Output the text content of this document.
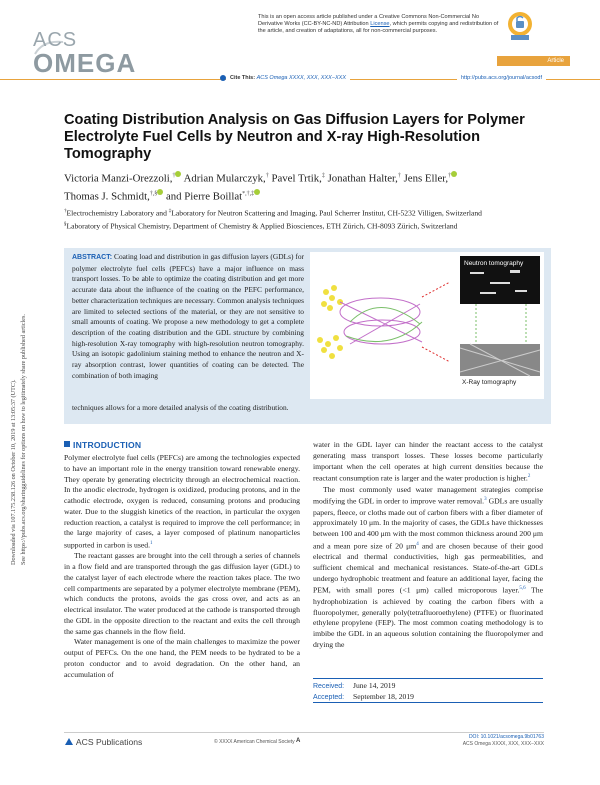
ACS
OMEGA
This is an open access article published under a Creative Commons Non-Commercial No Derivative Works (CC-BY-NC-ND) Attribution License, which permits copying and redistribution of the article, and creation of adaptations, all for non-commercial purposes.
Article
Cite This: ACS Omega XXXX, XXX, XXX−XXX	http://pubs.acs.org/journal/acsodf
Coating Distribution Analysis on Gas Diffusion Layers for Polymer Electrolyte Fuel Cells by Neutron and X-ray High-Resolution Tomography
Victoria Manzi-Orezzoli,† Adrian Mularczyk,† Pavel Trtik,‡ Jonathan Halter,† Jens Eller,†
Thomas J. Schmidt,†,§ and Pierre Boillat*,†,‡
†Electrochemistry Laboratory and ‡Laboratory for Neutron Scattering and Imaging, Paul Scherrer Institut, CH-5232 Villigen, Switzerland
§Laboratory of Physical Chemistry, Department of Chemistry & Applied Biosciences, ETH Zürich, CH-8093 Zürich, Switzerland
ABSTRACT: Coating load and distribution in gas diffusion layers (GDLs) for polymer electrolyte fuel cells (PEFCs) have a major influence on mass transport losses. To be able to optimize the coating distribution and get more accurate data about the influence of the coating on the PEFC performance, better characterization techniques are necessary. Common analysis techniques are limited to selected sections of the material, or they are not sensitive to small amounts of coating. We propose a new methodology to get a complete description of the coating distribution and the GDL structure by combining high-resolution X-ray tomography with high-resolution neutron tomography. Using an isotopic gadolinium staining method to enhance the neutron and X-ray absorption contrast, lower quantities of coating can be detected. The combination of both imaging
techniques allows for a more detailed analysis of the coating distribution.
Neutron tomography
X-Ray tomography
Downloaded via 107.175.238.126 on October 10, 2019 at 13:05:37 (UTC). See https://pubs.acs.org/sharingguidelines for options on how to legitimately share published articles.	INTRODUCTION

Polymer electrolyte fuel cells (PEFCs) are among the technologies expected to have an important role in the energy transition toward renewable energy. They operate by generating electricity through an electrochemical reaction. In the anodic electrode, hydrogen is oxidized, producing protons, and in the cathodic electrode, oxygen is reduced, consuming protons and producing water. Due to the sluggish kinetics of the reaction, in particular the oxygen reduction reaction, a catalyst is required to improve the cell performance; in the large majority of cases, a layer composed of platinum nanoparticles supported in carbon is used.$^1$

The reactant gasses are brought into the cell through a series of channels in a flow field and are transported through the gas diffusion layer (GDL) to the catalyst layer of each electrode where the reaction takes place. The two cell compartments are separated by a polymer electrolyte membrane (PEM), which conducts the protons, avoids the gas cross over, and acts as an electrical insulator. The water produced at the cathode is transported through the GDL in the opposite direction to the reactant and exits the cell through the same gas channels in the flow field.

Water management is one of the main challenges to maximize the power output of PEFCs. On the one hand, the PEM needs to be hydrated to be a proton conductor and to avoid degradation. On the other hand, an accumulation of

water in the GDL layer can hinder the reactant access to the catalyst generating mass transport losses. These losses become particularly important when the cell operates at high current densities because the reactant consumption rate is larger and the water production is higher.$^2$

The most commonly used water management strategies comprise modifying the GDL in order to improve water removal.$^3$ GDLs are usually papers, fleece, or cloths made out of carbon fibers with a fiber diameter of approximately 10 μm. In the majority of cases, the GDLs have thicknesses between 100 and 400 μm with the most common thickness around 200 μm and a mean pore size of 20 $\mu m^4$ and are chosen because of their good electrical and thermal conductivities, high gas permeabilities, and sufficient chemical and mechanical resistances. State-of-the-art GDLs undergo hydrophobic treatment and feature an additional layer, facing the PEM, with small pores (<1 μm) called microporous layer.$^{5,6}$ The hydrophobization is achieved by coating the carbon fibers with a fluoropolymer, generally poly(tetrafluoroethylene) (PTFE) or fluorinated ethylene propylene (FEP). The most common coating methodology is to imbibe the GDL in an aqueous solution containing the fluoropolymer and drying the

Received: June 14, 2019
Accepted: September 18, 2019
ACS Publications	© XXXX American Chemical Society A
DOI: 10.1021/acsomega.9b01763
ACS Omega XXXX, XXX, XXX−XXX
